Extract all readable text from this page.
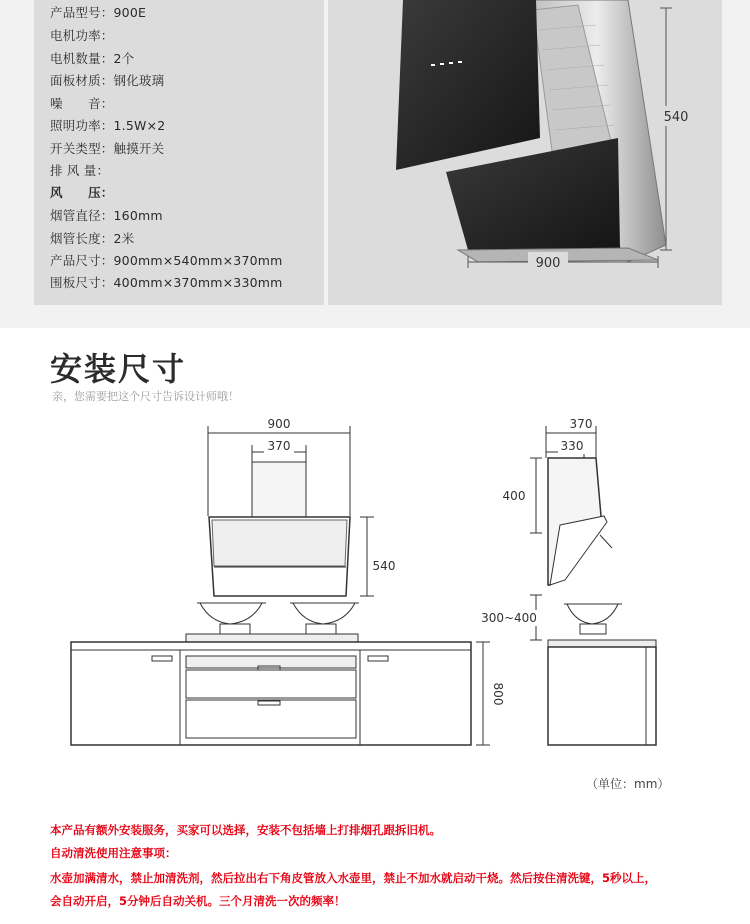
540
900
产品型号：900E
电机功率：
电机数量：2个
面板材质：钢化玻璃
噪　　音：
照明功率：1.5W×2
开关类型：触摸开关
排 风 量：
风　　压：
烟管直径：160mm
烟管长度：2米
产品尺寸：900mm×540mm×370mm
围板尺寸：400mm×370mm×330mm
安装尺寸
亲，您需要把这个尺寸告诉设计师哦！
900
370
540
370
330
400
300~400
800
（单位：mm）
本产品有额外安装服务，买家可以选择，安装不包括墙上打排烟孔跟拆旧机。
自动清洗使用注意事项：
水壶加满清水，禁止加清洗剂，然后拉出右下角皮管放入水壶里，禁止不加水就启动干烧。然后按住清洗键，5秒以上，
会自动开启，5分钟后自动关机。三个月清洗一次的频率！
